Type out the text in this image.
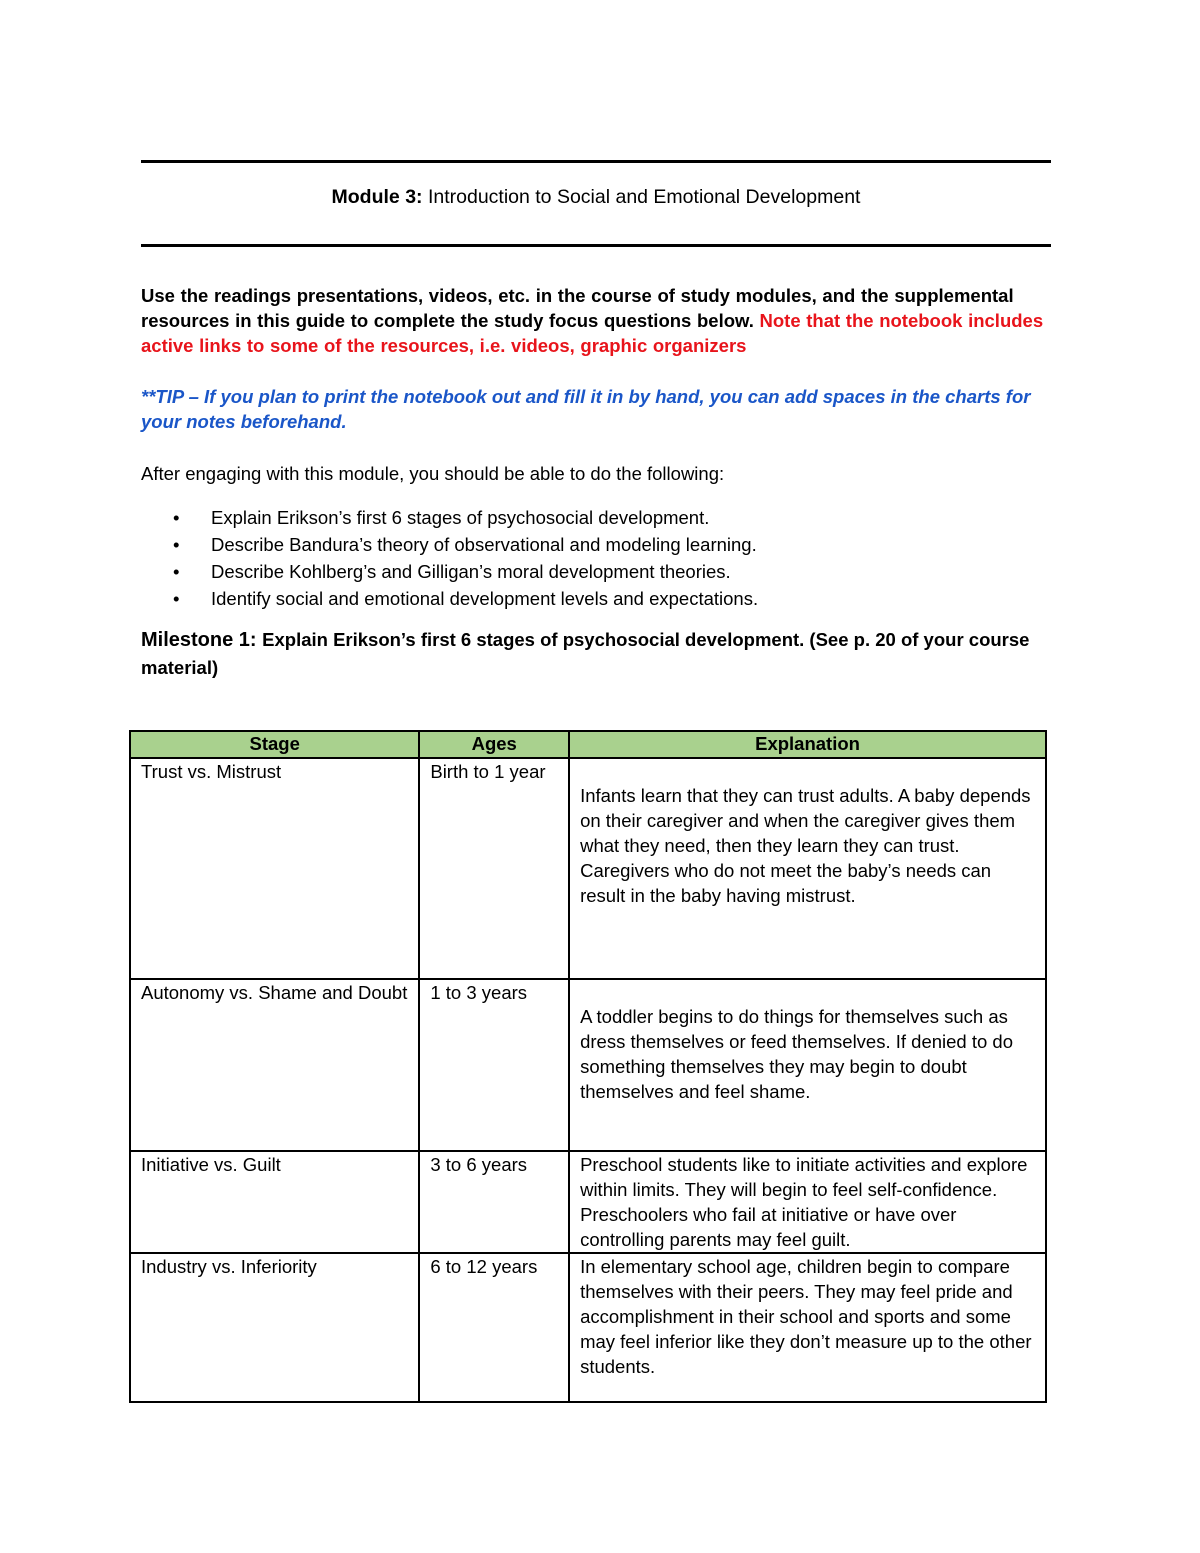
Module 3: Introduction to Social and Emotional Development
Use the readings presentations, videos, etc. in the course of study modules, and the supplemental resources in this guide to complete the study focus questions below. Note that the notebook includes active links to some of the resources, i.e. videos, graphic organizers
**TIP – If you plan to print the notebook out and fill it in by hand, you can add spaces in the charts for your notes beforehand.
After engaging with this module, you should be able to do the following:
• Explain Erikson’s first 6 stages of psychosocial development.
• Describe Bandura’s theory of observational and modeling learning.
• Describe Kohlberg’s and Gilligan’s moral development theories.
• Identify social and emotional development levels and expectations.
Milestone 1: Explain Erikson’s first 6 stages of psychosocial development. (See p. 20 of your course material)
Stage	Ages	Explanation
Trust vs. Mistrust	Birth to 1 year	Infants learn that they can trust adults. A baby depends on their caregiver and when the caregiver gives them what they need, then they learn they can trust. Caregivers who do not meet the baby’s needs can result in the baby having mistrust.

Autonomy vs. Shame and Doubt	1 to 3 years	A toddler begins to do things for themselves such as dress themselves or feed themselves. If denied to do something themselves they may begin to doubt themselves and feel shame.

Initiative vs. Guilt	3 to 6 years	Preschool students like to initiate activities and explore within limits. They will begin to feel self-confidence. Preschoolers who fail at initiative or have over controlling parents may feel guilt.

Industry vs. Inferiority	6 to 12 years	In elementary school age, children begin to compare themselves with their peers. They may feel pride and accomplishment in their school and sports and some may feel inferior like they don’t measure up to the other students.
